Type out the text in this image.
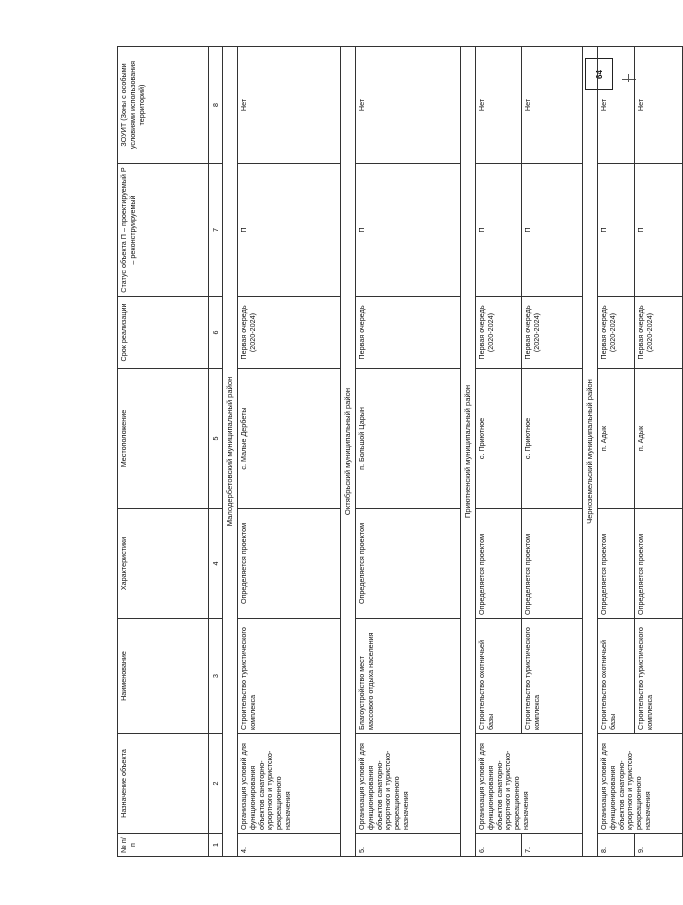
64
№ п/п	Назначение объекта	Наименование	Характеристики	Местоположение	Срок реализации	Статус объекта П – проектируемый Р – реконструируемый	ЗОУИТ (Зоны с особыми условиями использования территорий)
1	2	3	4	5	6	7	8
Малодербетовский муниципальный район							
4.	Организация условий для функционирования объектов санаторно-курортного и туристско-рекреационного назначения	Строительство туристического комплекса	Определяется проектом	с. Малые Дербеты	Первая очередь (2020-2024)	П	Нет
Октябрьский муниципальный район							
5.	Организация условий для функционирования объектов санаторно-курортного и туристско-рекреационного назначения	Благоустройство мест массового отдыха населения	Определяется проектом	п. Большой Царын	Первая очередь	П	Нет
Приютненский муниципальный район							
6.	Организация условий для функционирования объектов санаторно-курортного и туристско-рекреационного назначения	Строительство охотничьей базы	Определяется проектом	с. Приютное	Первая очередь (2020-2024)	П	Нет
7.		Строительство туристического комплекса	Определяется проектом	с. Приютное	Первая очередь (2020-2024)	П	Нет
Черноземельский муниципальный район							
8.	Организация условий для функционирования объектов санаторно-курортного и туристско-рекреационного назначения	Строительство охотничьей базы	Определяется проектом	п. Адык	Первая очередь (2020-2024)	П	Нет
9.		Строительство туристического комплекса	Определяется проектом	п. Адык	Первая очередь (2020-2024)	П	Нет
